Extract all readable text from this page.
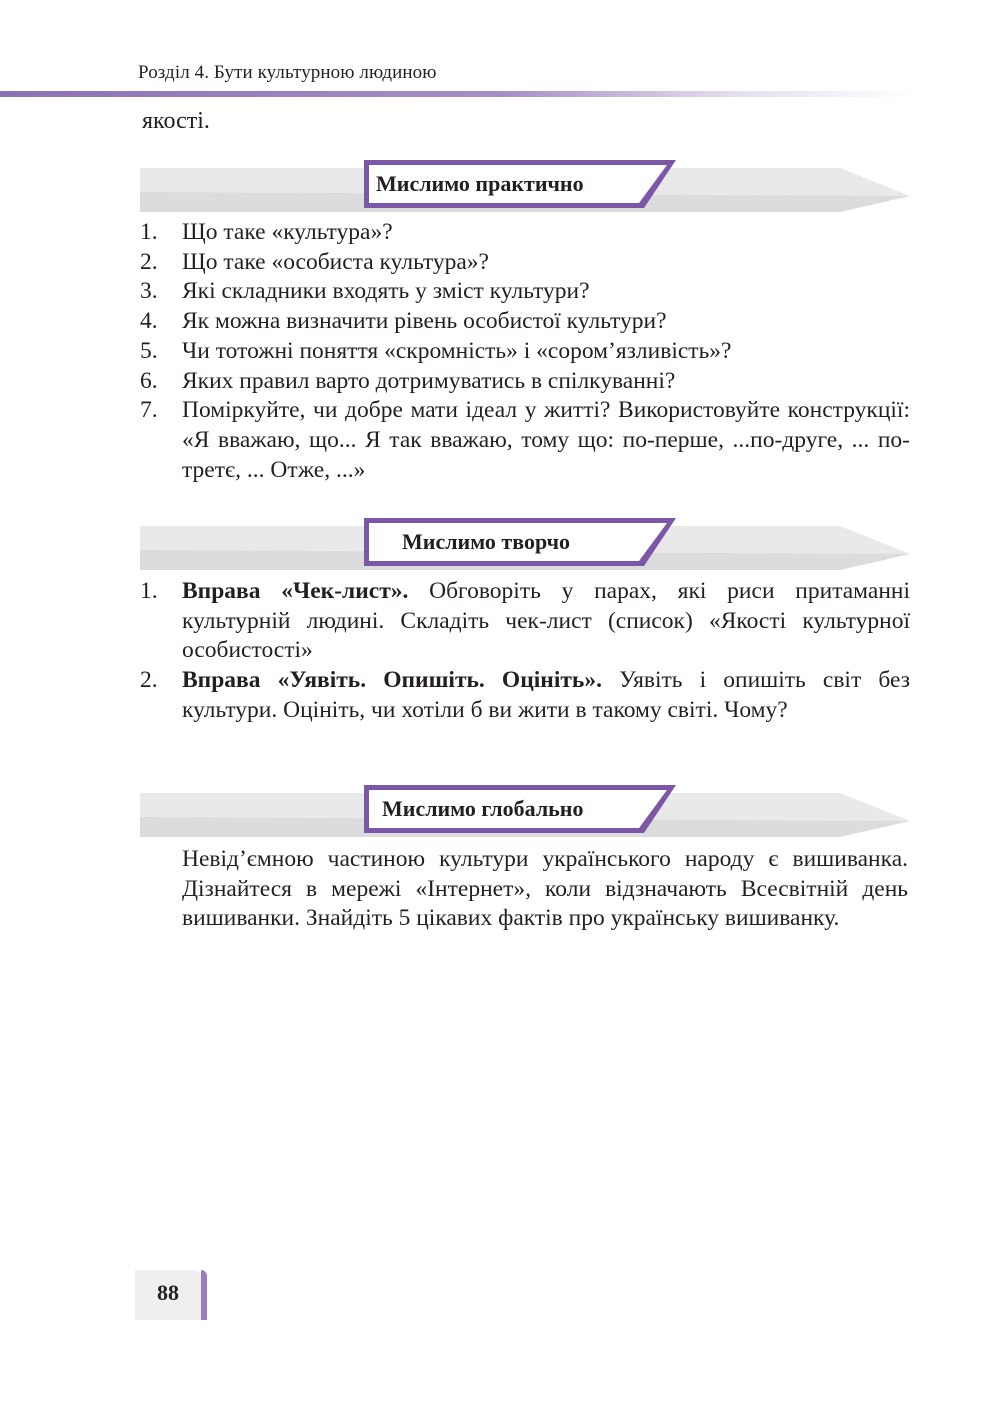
Розділ 4. Бути культурною людиною
якості.
Мислимо практично
1. Що таке «культура»?
2. Що таке «особиста культура»?
3. Які складники входять у зміст культури?
4. Як можна визначити рівень особистої культури?
5. Чи тотожні поняття «скромність» і «сором’язливість»?
6. Яких правил варто дотримуватись в спілкуванні?
7. Поміркуйте, чи добре мати ідеал у житті? Використовуйте конструкції: «Я вважаю, що... Я так вважаю, тому що: по-перше, ...по-друге, ... по-третє, ... Отже, ...»
Мислимо творчо
1. Вправа «Чек-лист». Обговоріть у парах, які риси притаманні культурній людині. Складіть чек-лист (список) «Якості культурної особистості»
2. Вправа «Уявіть. Опишіть. Оцініть». Уявіть і опишіть світ без культури. Оцініть, чи хотіли б ви жити в такому світі. Чому?
Мислимо глобально

Невід’ємною частиною культури українського народу є вишиванка. Дізнайтеся в мережі «Інтернет», коли відзначають Всесвітній день вишиванки. Знайдіть 5 цікавих фактів про українську вишиванку.

88
